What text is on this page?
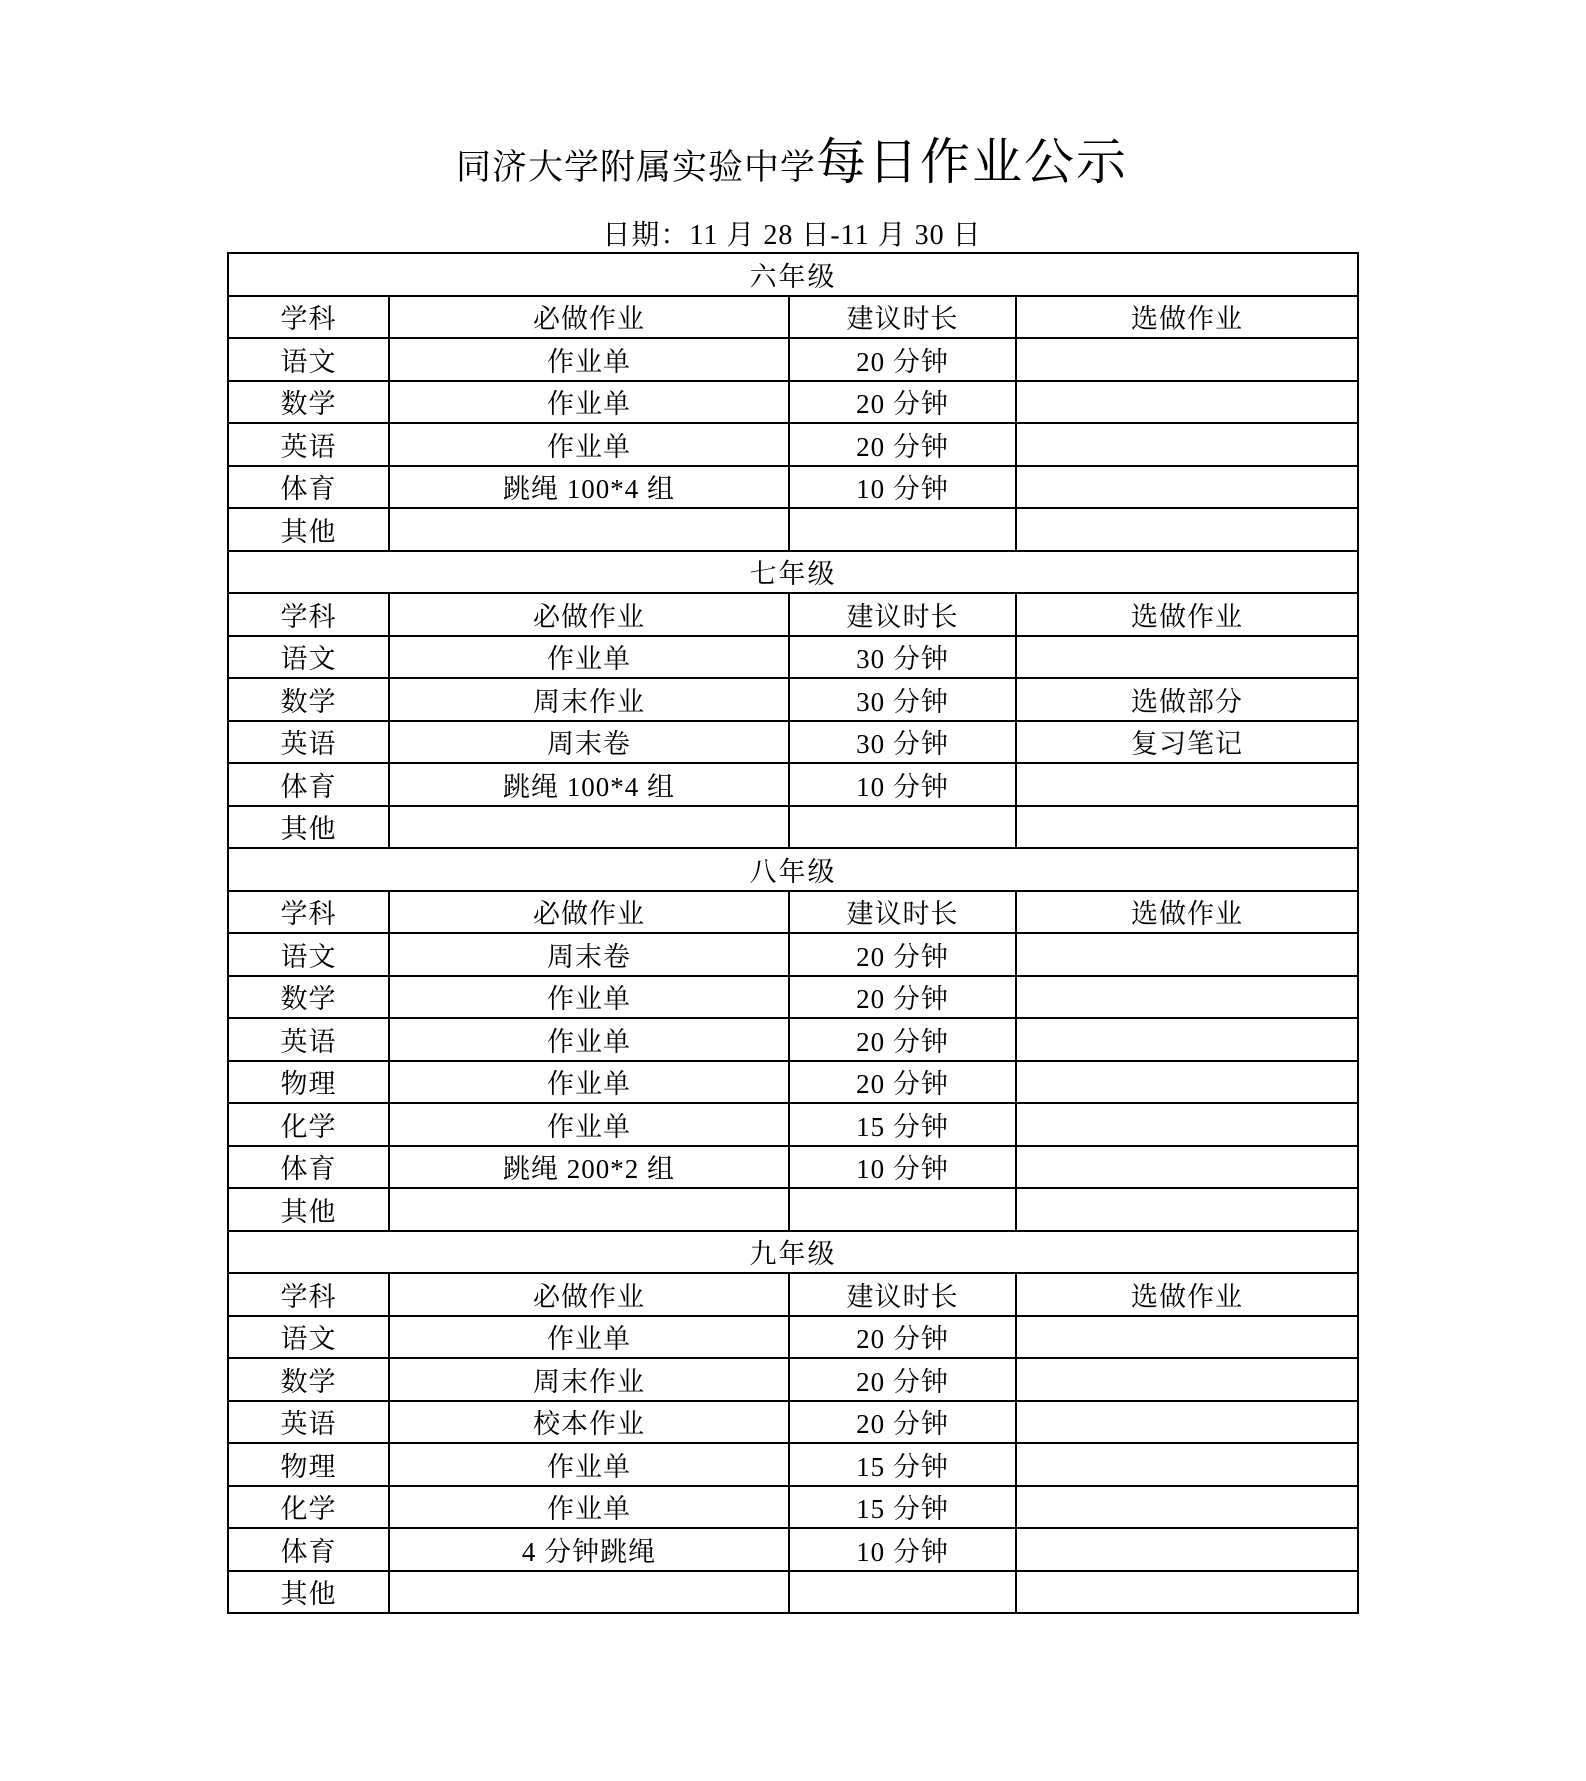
同济大学附属实验中学每日作业公示
日期：11 月 28 日-11 月 30 日
六年级			
学科	必做作业	建议时长	选做作业
语文	作业单	20 分钟	
数学	作业单	20 分钟	
英语	作业单	20 分钟	
体育	跳绳 100*4 组	10 分钟	
其他			
七年级			
学科	必做作业	建议时长	选做作业
语文	作业单	30 分钟	
数学	周末作业	30 分钟	选做部分
英语	周末卷	30 分钟	复习笔记
体育	跳绳 100*4 组	10 分钟	
其他			
八年级			
学科	必做作业	建议时长	选做作业
语文	周末卷	20 分钟	
数学	作业单	20 分钟	
英语	作业单	20 分钟	
物理	作业单	20 分钟	
化学	作业单	15 分钟	
体育	跳绳 200*2 组	10 分钟	
其他			
九年级			
学科	必做作业	建议时长	选做作业
语文	作业单	20 分钟	
数学	周末作业	20 分钟	
英语	校本作业	20 分钟	
物理	作业单	15 分钟	
化学	作业单	15 分钟	
体育	4 分钟跳绳	10 分钟	
其他			
